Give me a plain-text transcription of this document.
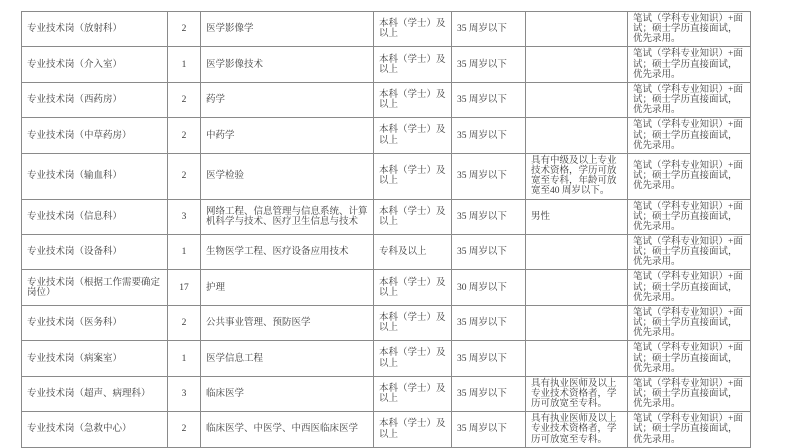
专业技术岗（放射科）	2	医学影像学	本科（学士）及以上	35 周岁以下		笔试（学科专业知识）+面试；硕士学历直接面试，优先录用。
专业技术岗（介入室）	1	医学影像技术	本科（学士）及以上	35 周岁以下		笔试（学科专业知识）+面试；硕士学历直接面试，优先录用。
专业技术岗（西药房）	2	药学	本科（学士）及以上	35 周岁以下		笔试（学科专业知识）+面试；硕士学历直接面试，优先录用。
专业技术岗（中草药房）	2	中药学	本科（学士）及以上	35 周岁以下		笔试（学科专业知识）+面试；硕士学历直接面试，优先录用。
专业技术岗（输血科）	2	医学检验	本科（学士）及以上	35 周岁以下	具有中级及以上专业技术资格，学历可放宽至专科，年龄可放宽至40 周岁以下。	笔试（学科专业知识）+面试；硕士学历直接面试，优先录用。
专业技术岗（信息科）	3	网络工程、信息管理与信息系统、计算机科学与技术、医疗卫生信息与技术	本科（学士）及以上	35 周岁以下	男性	笔试（学科专业知识）+面试；硕士学历直接面试，优先录用。
专业技术岗（设备科）	1	生物医学工程、医疗设备应用技术	专科及以上	35 周岁以下		笔试（学科专业知识）+面试；硕士学历直接面试，优先录用。
专业技术岗（根据工作需要确定岗位）	17	护理	本科（学士）及以上	30 周岁以下		笔试（学科专业知识）+面试；硕士学历直接面试，优先录用。
专业技术岗（医务科）	2	公共事业管理、预防医学	本科（学士）及以上	35 周岁以下		笔试（学科专业知识）+面试；硕士学历直接面试，优先录用。
专业技术岗（病案室）	1	医学信息工程	本科（学士）及以上	35 周岁以下		笔试（学科专业知识）+面试；硕士学历直接面试，优先录用。
专业技术岗（超声、病理科）	3	临床医学	本科（学士）及以上	35 周岁以下	具有执业医师及以上专业技术资格者，学历可放宽至专科。	笔试（学科专业知识）+面试；硕士学历直接面试，优先录用。
专业技术岗（急救中心）	2	临床医学、中医学、中西医临床医学	本科（学士）及以上	35 周岁以下	具有执业医师及以上专业技术资格者，学历可放宽至专科。	笔试（学科专业知识）+面试；硕士学历直接面试，优先录用。
